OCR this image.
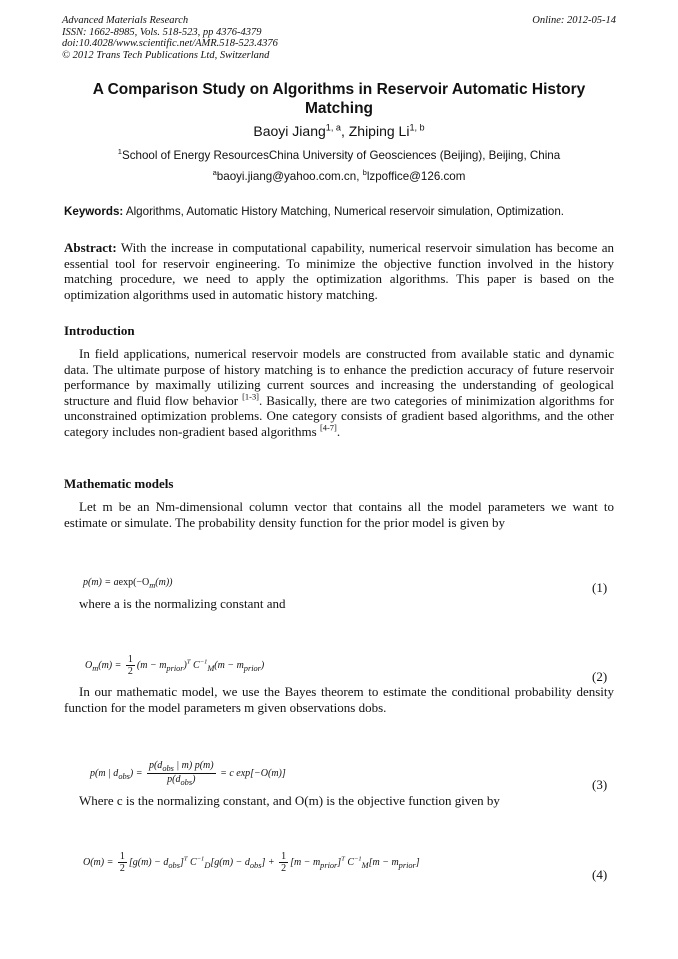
Advanced Materials Research
ISSN: 1662-8985, Vols. 518-523, pp 4376-4379
doi:10.4028/www.scientific.net/AMR.518-523.4376
© 2012 Trans Tech Publications Ltd, Switzerland
Online: 2012-05-14
A Comparison Study on Algorithms in Reservoir Automatic History Matching
Baoyi Jiang$^{1, a}$, Zhiping Li$^{1, b}$
$^1$School of Energy ResourcesChina University of Geosciences (Beijing), Beijing, China
$^a$baoyi.jiang@yahoo.com.cn, $^b$lzpoffice@126.com
Keywords: Algorithms, Automatic History Matching, Numerical reservoir simulation, Optimization.
Abstract: With the increase in computational capability, numerical reservoir simulation has become an essential tool for reservoir engineering. To minimize the objective function involved in the history matching procedure, we need to apply the optimization algorithms. This paper is based on the optimization algorithms used in automatic history matching.
Introduction
In field applications, numerical reservoir models are constructed from available static and dynamic data. The ultimate purpose of history matching is to enhance the prediction accuracy of future reservoir performance by maximally utilizing current sources and increasing the understanding of geological structure and fluid flow behavior [1-3]. Basically, there are two categories of minimization algorithms for unconstrained optimization problems. One category consists of gradient based algorithms, and the other category includes non-gradient based algorithms [4-7].
Mathematic models
Let m be an Nm-dimensional column vector that contains all the model parameters we want to estimate or simulate. The probability density function for the prior model is given by
$p(m) = aexp(-O_m(m))$	(1)
where a is the normalizing constant and
$O_m(m) = \frac{1}{2} (m - m_{prior})^T$ $C^{-1}_M(m - m_{prior})$
(2)
In our mathematic model, we use the Bayes theorem to estimate the conditional probability density function for the model parameters m given observations dobs.
p(m | $d_{obs}) = \frac{p(d_{obs} | m) p(m)}{p(d_{obs})} = c$ exp[−O(m)]
(3)
Where c is the normalizing constant, and O(m) is the objective function given by
$O(m) = \frac{1}{2} [g(m) - d_{obs}]^T$ $C^{-1}_D[g(m) - d_{obs}] + \frac{1}{2} [m - m_{prior}]^T$ $C^{-1}_M[m - m_{prior}]$
(4)
